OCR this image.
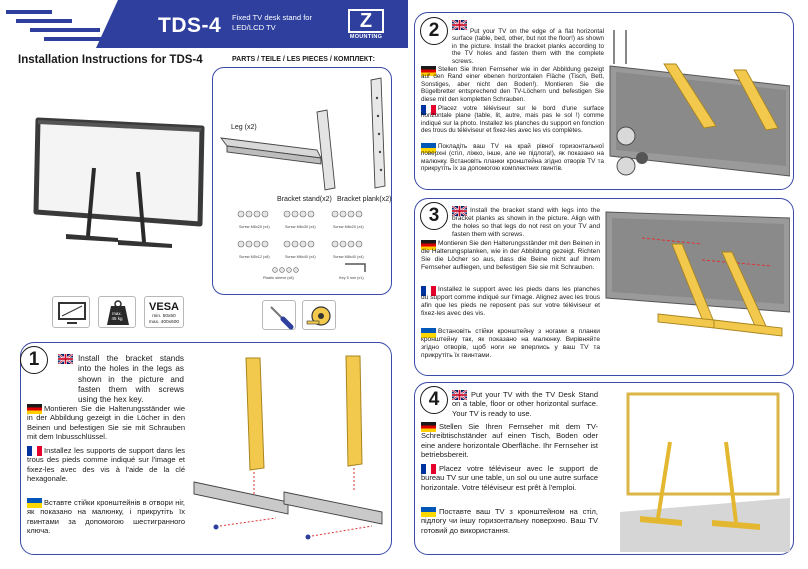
TDS-4 Fixed TV desk stand for LED/LCD TV	Z
MOUNTING
Installation Instructions for TDS-4	PARTS / TEILE / LES PIECES / КОМПЛЕКТ:
max.
45 kg
VESA
min. 50x50
max. 400x600
Leg (x2)
Bracket stand(x2) Bracket plank(x2)
Screw M6x20 (x4)	Screw M6x30 (x4)	Screw M8x20 (x4)
Screw M5x12 (x8)	Screw M6x40 (x4)	Screw M8x40 (x4)
Plastic sleeve (x8)	Key 5 mm (x1)
1	Install the bracket stands into the holes in the legs as shown in the picture and fasten them with screws using the hex key.
Montieren Sie die Halterungsständer wie in der Abbildung gezeigt in die Löcher in den Beinen und befestigen Sie sie mit Schrauben mit dem Inbusschlüssel.
Installez les supports de support dans les trous des pieds comme indiqué sur l'image et fixez-les avec des vis à l'aide de la clé hexagonale.
Вставте стійки кронштейнів в отвори ніг, як показано на малюнку, і прикрутіть їх гвинтами за допомогою шестигранного ключа.
2	Put your TV on the edge of a flat horizontal surface (table, bed, other, but not the floor!) as shown in the picture. Install the bracket planks according to the TV holes and fasten them with the complete screws.
Stellen Sie Ihren Fernseher wie in der Abbildung gezeigt auf den Rand einer ebenen horizontalen Fläche (Tisch, Bett, Sonstiges, aber nicht den Boden!). Montieren Sie die Bügelbretter entsprechend den TV-Löchern und befestigen Sie diese mit den kompletten Schrauben.
Placez votre téléviseur sur le bord d'une surface horizontale plane (table, lit, autre, mais pas le sol !) comme indiqué sur la photo. Installez les planches du support en fonction des trous du téléviseur et fixez-les avec les vis complètes.
Покладіть ваш TV на край рівної горизонтальної поверхні (стіл, ліжко, інше, але не підлога!), як показано на малюнку. Встановіть планки кронштейна згідно отворів TV та прикрутіть їх за допомогою комплектних гвинтів.
3	Install the bracket stand with legs into the bracket planks as shown in the picture. Align with the holes so that legs do not rest on your TV and fasten them with screws.
Montieren Sie den Halterungsständer mit den Beinen in die Halterungsplanken, wie in der Abbildung gezeigt. Richten Sie die Löcher so aus, dass die Beine nicht auf Ihrem Fernseher aufliegen, und befestigen Sie sie mit Schrauben.
Installez le support avec les pieds dans les planches du support comme indiqué sur l'image. Alignez avec les trous afin que les pieds ne reposent pas sur votre téléviseur et fixez-les avec des vis.
Встановіть стійки кронштейну з ногами в планки кронштейну так, як показано на малюнку. Вирівняйте згідно отворів, щоб ноги не вперлись у ваш TV та прикрутіть їх гвинтами.
4	Put your TV with the TV Desk Stand on a table, floor or other horizontal surface. Your TV is ready to use.
Stellen Sie Ihren Fernseher mit dem TV-Schreibtischständer auf einen Tisch, Boden oder eine andere horizontale Oberfläche. Ihr Fernseher ist betriebsbereit.
Placez votre téléviseur avec le support de bureau TV sur une table, un sol ou une autre surface horizontale. Votre téléviseur est prêt à l'emploi.
Поставте ваш TV з кронштейном на стіл, підлогу чи іншу горизонтальну поверхню. Ваш TV готовий до використання.
